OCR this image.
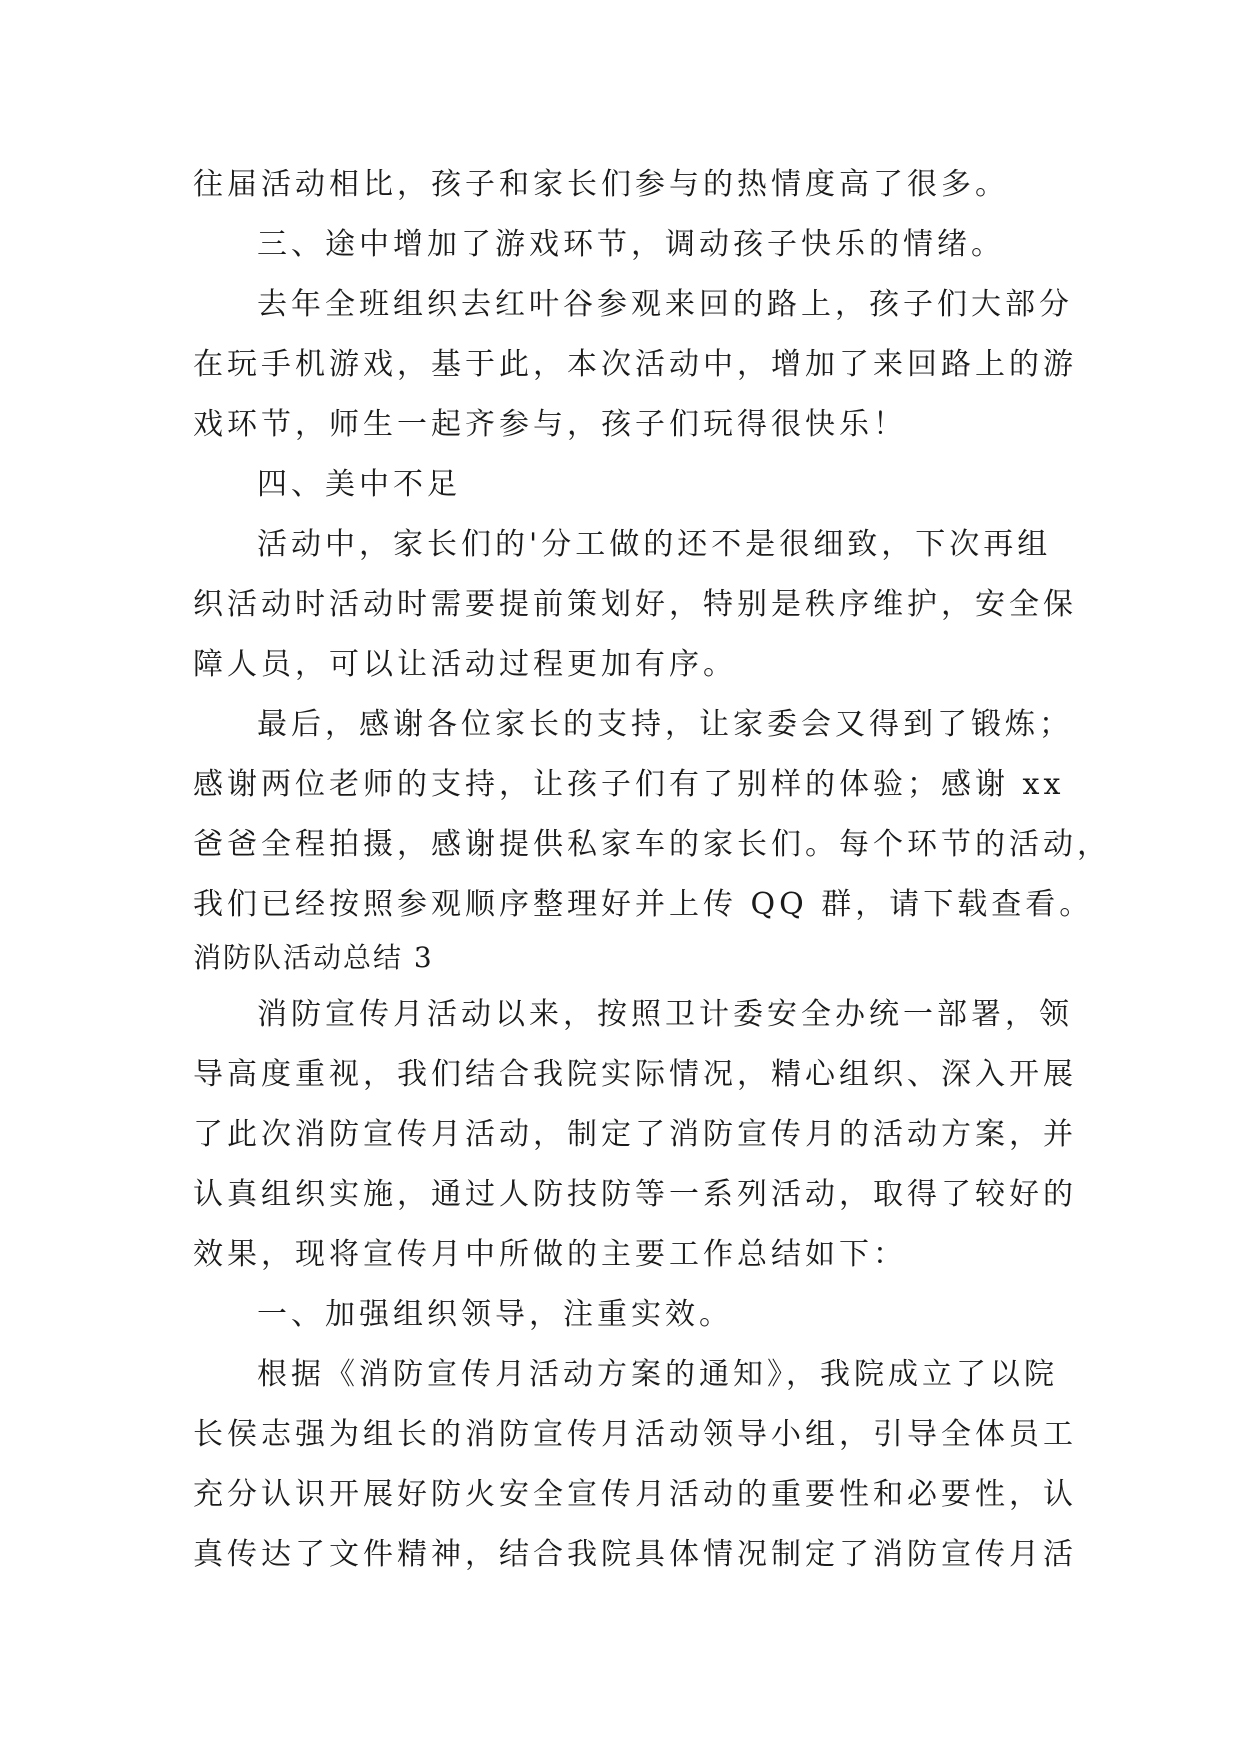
往届活动相比，孩子和家长们参与的热情度高了很多。
三、途中增加了游戏环节，调动孩子快乐的情绪。
去年全班组织去红叶谷参观来回的路上，孩子们大部分
在玩手机游戏，基于此，本次活动中，增加了来回路上的游
戏环节，师生一起齐参与，孩子们玩得很快乐！
四、美中不足
活动中，家长们的'分工做的还不是很细致，下次再组
织活动时活动时需要提前策划好，特别是秩序维护，安全保
障人员，可以让活动过程更加有序。
最后，感谢各位家长的支持，让家委会又得到了锻炼；
感谢两位老师的支持，让孩子们有了别样的体验；感谢 xx
爸爸全程拍摄，感谢提供私家车的家长们。每个环节的活动，
我们已经按照参观顺序整理好并上传 QQ 群，请下载查看。
消防队活动总结 3
消防宣传月活动以来，按照卫计委安全办统一部署，领
导高度重视，我们结合我院实际情况，精心组织、深入开展
了此次消防宣传月活动，制定了消防宣传月的活动方案，并
认真组织实施，通过人防技防等一系列活动，取得了较好的
效果，现将宣传月中所做的主要工作总结如下：
一、加强组织领导，注重实效。
根据《消防宣传月活动方案的通知》，我院成立了以院
长侯志强为组长的消防宣传月活动领导小组，引导全体员工
充分认识开展好防火安全宣传月活动的重要性和必要性，认
真传达了文件精神，结合我院具体情况制定了消防宣传月活
